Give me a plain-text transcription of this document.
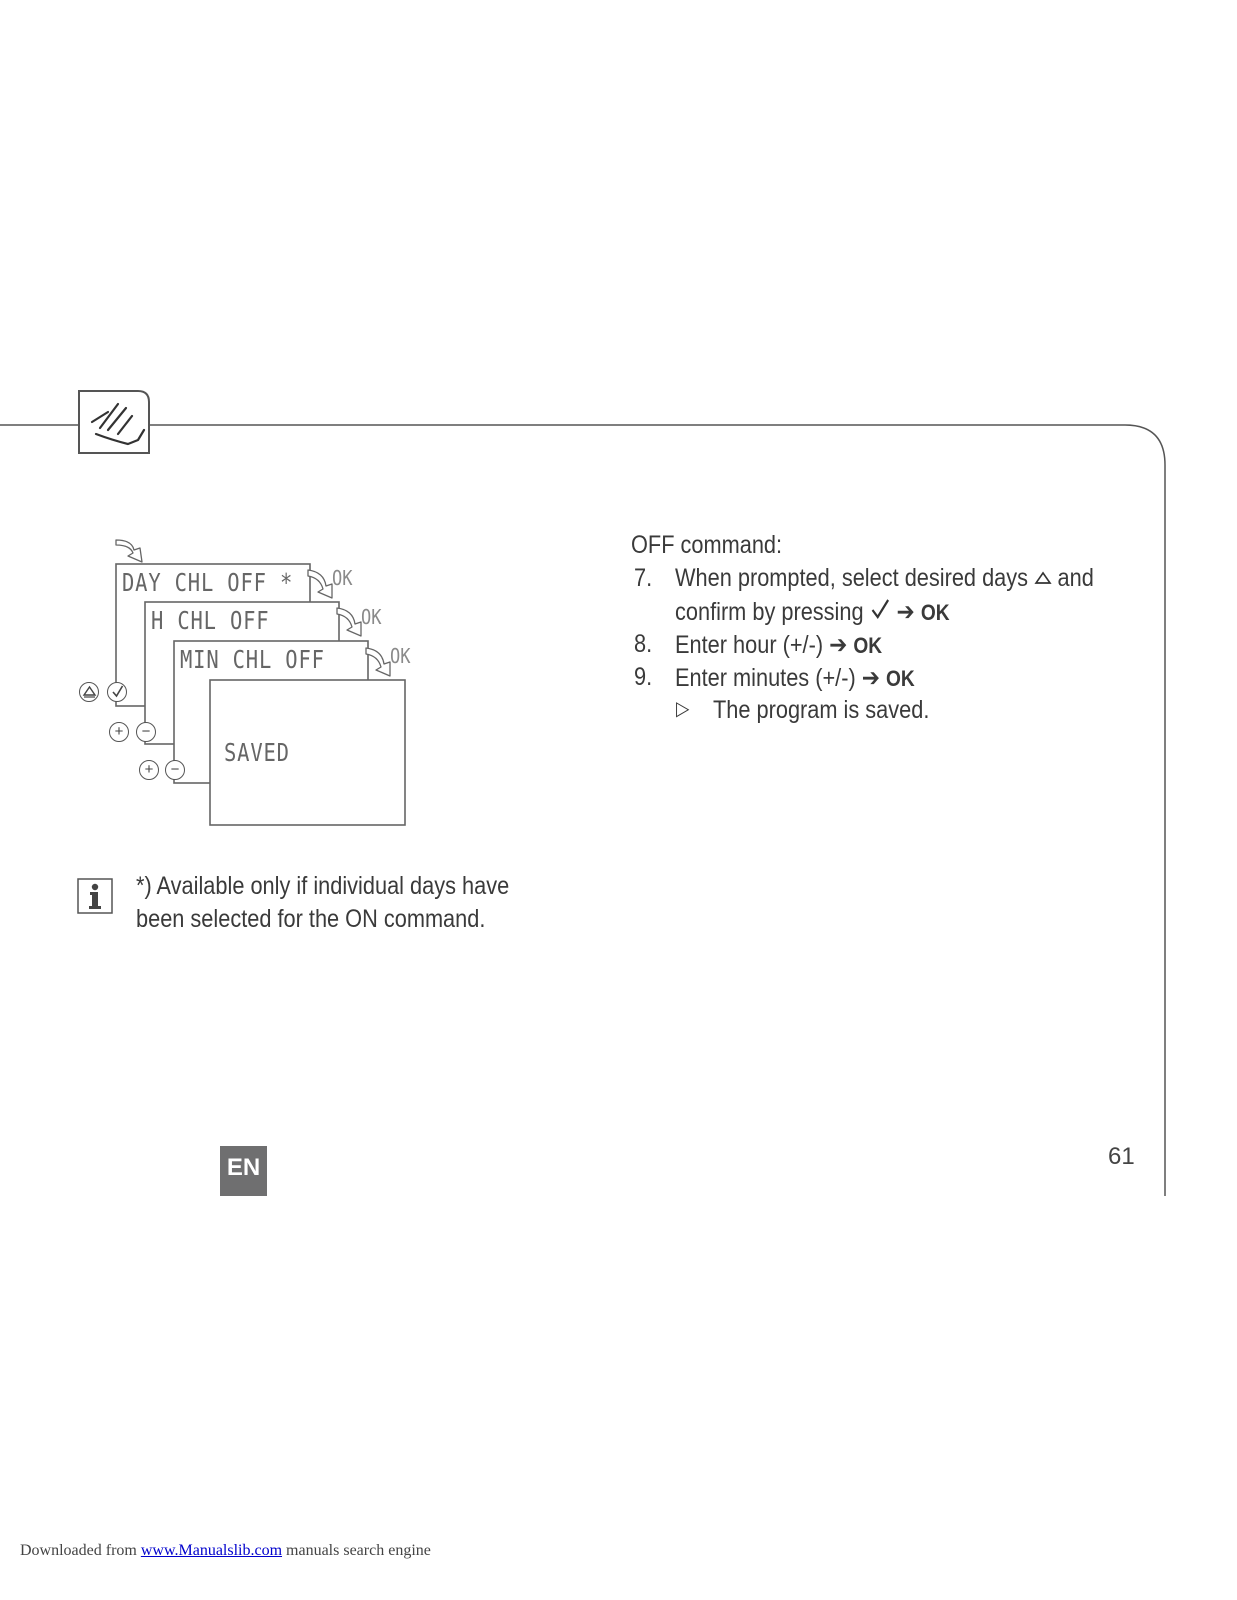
DAY CHL OFF *
H CHL OFF
MIN CHL OFF
SAVED
OK
OK
OK
+	−
+	−
OFF command:
7. When prompted, select desired days and
confirm by pressing ➔ OK
8. Enter hour (+/-) ➔ OK
9. Enter minutes (+/-) ➔ OK
▷ The program is saved.
*) Available only if individual days have
been selected for the ON command.
EN	61
Downloaded from www.Manualslib.com manuals search engine
